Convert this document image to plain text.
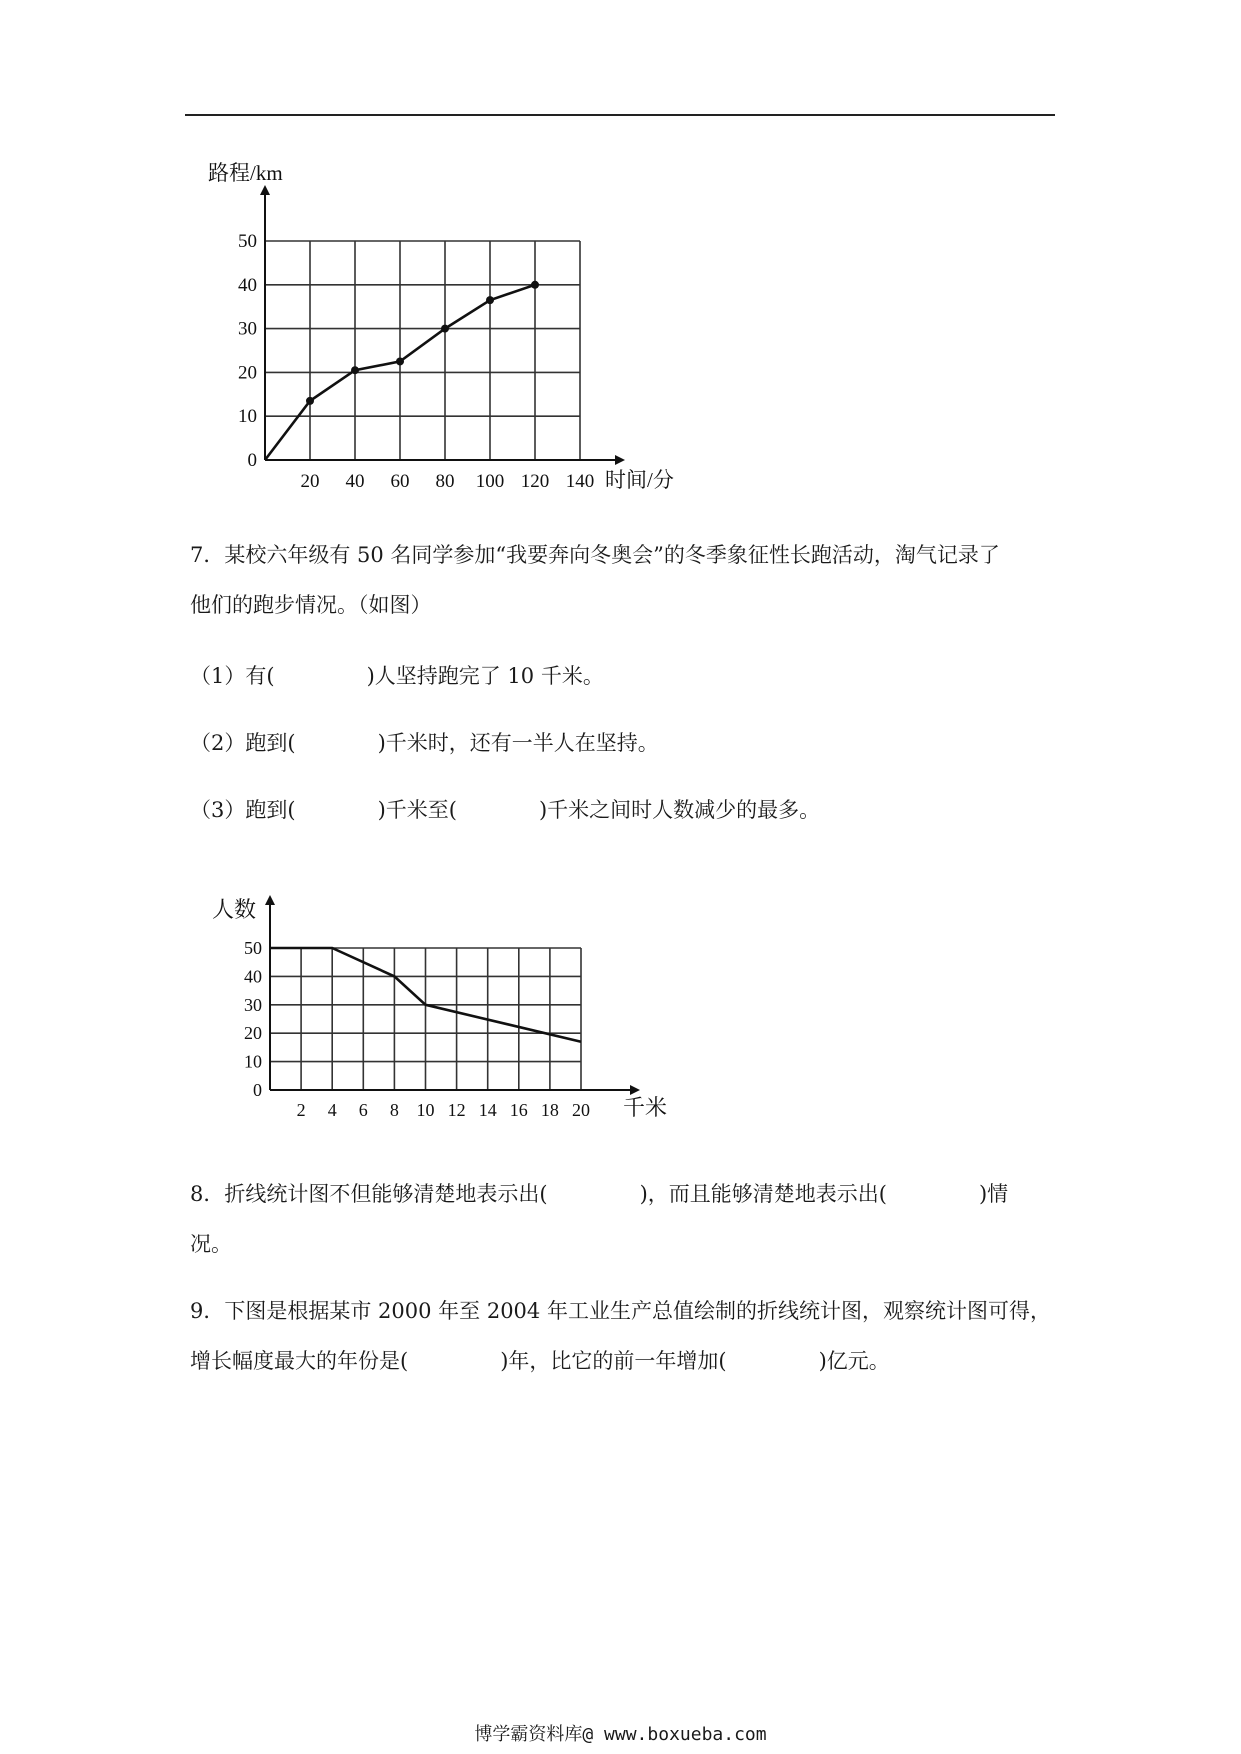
0
10
20
30
40
50
20 40 60 80 100 120 140
路程/km
时间/分
7．某校六年级有 50 名同学参加“我要奔向冬奥会”的冬季象征性长跑活动，淘气记录了
他们的跑步情况。（如图）
（1）有(	)人坚持跑完了 10 千米。
（2）跑到(	)千米时，还有一半人在坚持。
（3）跑到(	)千米至(	)千米之间时人数减少的最多。
0
10
20
30
40
50
2 4 6 8 10 12 14 16 18 20
人数
千米
8．折线统计图不但能够清楚地表示出(	)，而且能够清楚地表示出(	)情
况。
9．下图是根据某市 2000 年至 2004 年工业生产总值绘制的折线统计图，观察统计图可得，
增长幅度最大的年份是(	)年，比它的前一年增加(	)亿元。
博学霸资料库@ www.boxueba.com
